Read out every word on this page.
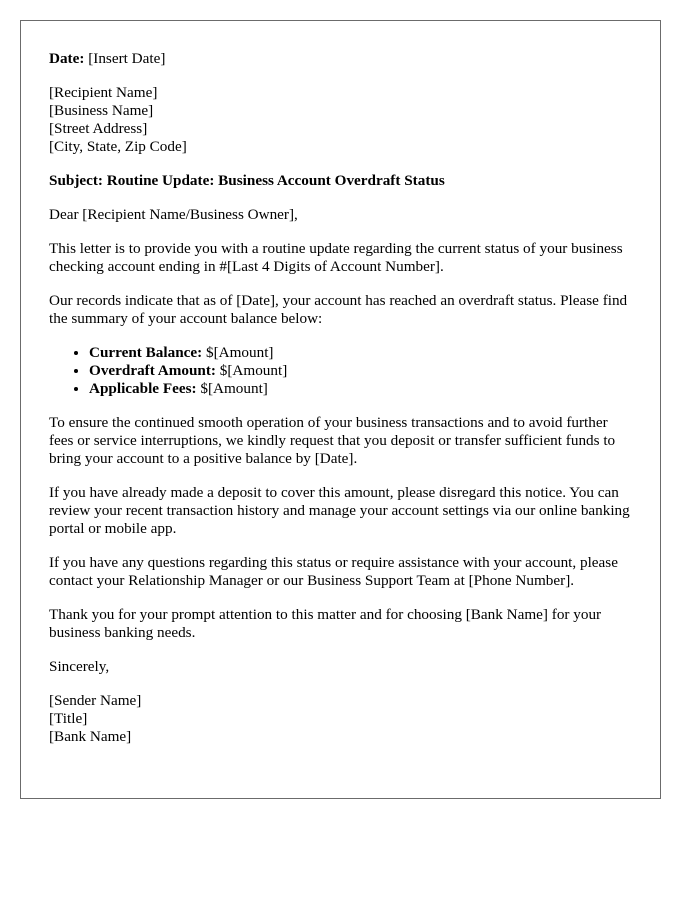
Date: [Insert Date]

[Recipient Name]
[Business Name]
[Street Address]
[City, State, Zip Code]

Subject: Routine Update: Business Account Overdraft Status

Dear [Recipient Name/Business Owner],

This letter is to provide you with a routine update regarding the current status of your business checking account ending in #[Last 4 Digits of Account Number].

Our records indicate that as of [Date], your account has reached an overdraft status. Please find the summary of your account balance below:

• Current Balance: $[Amount]
• Overdraft Amount: $[Amount]
• Applicable Fees: $[Amount]

To ensure the continued smooth operation of your business transactions and to avoid further fees or service interruptions, we kindly request that you deposit or transfer sufficient funds to bring your account to a positive balance by [Date].

If you have already made a deposit to cover this amount, please disregard this notice. You can review your recent transaction history and manage your account settings via our online banking portal or mobile app.

If you have any questions regarding this status or require assistance with your account, please contact your Relationship Manager or our Business Support Team at [Phone Number].

Thank you for your prompt attention to this matter and for choosing [Bank Name] for your business banking needs.

Sincerely,

[Sender Name]
[Title]
[Bank Name]
